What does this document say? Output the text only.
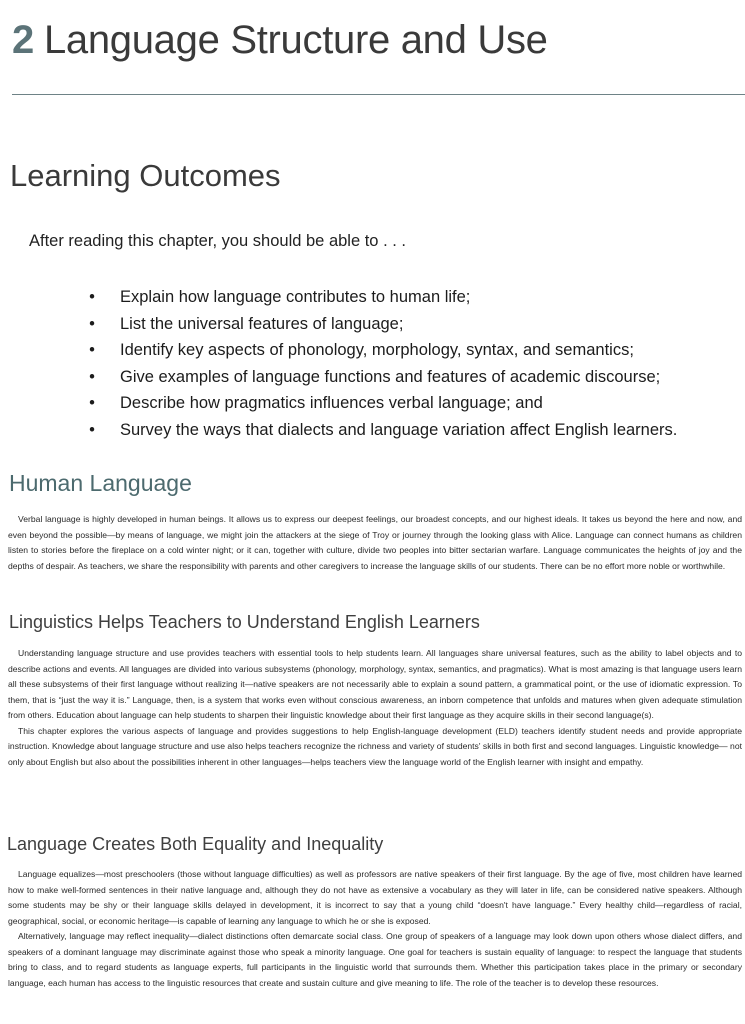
2 Language Structure and Use
Learning Outcomes
After reading this chapter, you should be able to . . .
• Explain how language contributes to human life;
• List the universal features of language;
• Identify key aspects of phonology, morphology, syntax, and semantics;
• Give examples of language functions and features of academic discourse;
• Describe how pragmatics influences verbal language; and
• Survey the ways that dialects and language variation affect English learners.
Human Language

Verbal language is highly developed in human beings. It allows us to express our deepest feelings, our broadest concepts, and our highest ideals. It takes us beyond the here and now, and even beyond the possible—by means of language, we might join the attackers at the siege of Troy or journey through the looking glass with Alice. Language can connect humans as children listen to stories before the fireplace on a cold winter night; or it can, together with culture, divide two peoples into bitter sectarian warfare. Language communicates the heights of joy and the depths of despair. As teachers, we share the responsibility with parents and other caregivers to increase the language skills of our students. There can be no effort more noble or worthwhile.

Linguistics Helps Teachers to Understand English Learners

Understanding language structure and use provides teachers with essential tools to help students learn. All languages share universal features, such as the ability to label objects and to describe actions and events. All languages are divided into various subsystems (phonology, morphology, syntax, semantics, and pragmatics). What is most amazing is that language users learn all these subsystems of their first language without realizing it—native speakers are not necessarily able to explain a sound pattern, a grammatical point, or the use of idiomatic expression. To them, that is “just the way it is.” Language, then, is a system that works even without conscious awareness, an inborn competence that unfolds and matures when given adequate stimulation from others. Education about language can help students to sharpen their linguistic knowledge about their first language as they acquire skills in their second language(s).

This chapter explores the various aspects of language and provides suggestions to help English-language development (ELD) teachers identify student needs and provide appropriate instruction. Knowledge about language structure and use also helps teachers recognize the richness and variety of students' skills in both first and second languages. Linguistic knowledge— not only about English but also about the possibilities inherent in other languages—helps teachers view the language world of the English learner with insight and empathy.

Language Creates Both Equality and Inequality

Language equalizes—most preschoolers (those without language difficulties) as well as professors are native speakers of their first language. By the age of five, most children have learned how to make well-formed sentences in their native language and, although they do not have as extensive a vocabulary as they will later in life, can be considered native speakers. Although some students may be shy or their language skills delayed in development, it is incorrect to say that a young child “doesn't have language.” Every healthy child—regardless of racial, geographical, social, or economic heritage—is capable of learning any language to which he or she is exposed.

Alternatively, language may reflect inequality—dialect distinctions often demarcate social class. One group of speakers of a language may look down upon others whose dialect differs, and speakers of a dominant language may discriminate against those who speak a minority language. One goal for teachers is sustain equality of language: to respect the language that students bring to class, and to regard students as language experts, full participants in the linguistic world that surrounds them. Whether this participation takes place in the primary or secondary language, each human has access to the linguistic resources that create and sustain culture and give meaning to life. The role of the teacher is to develop these resources.
